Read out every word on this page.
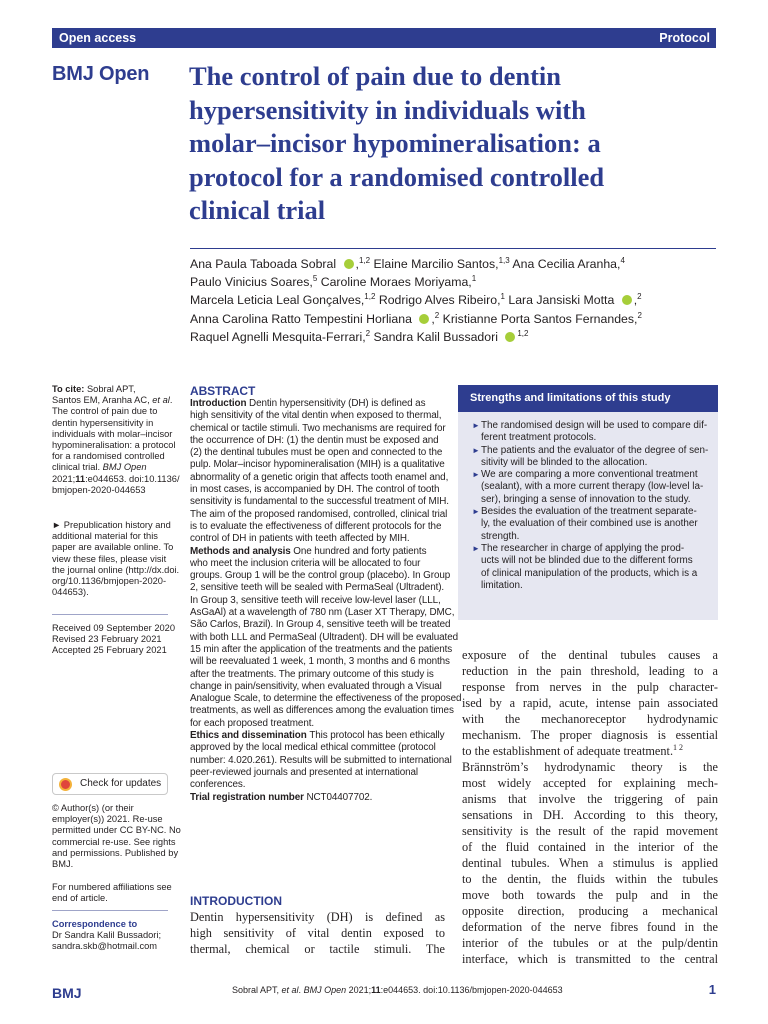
Open access	Protocol
BMJ Open The control of pain due to dentin
hypersensitivity in individuals with
molar–incisor hypomineralisation: a
protocol for a randomised controlled
clinical trial
Ana Paula Taboada Sobral ,$^{1,2}$ Elaine Marcilio Santos,$^{1,3}$ Ana Cecilia Aranha,$^4$
Paulo Vinicius Soares,$^5$ Caroline Moraes Moriyama,$^1$
Marcela Leticia Leal Gonçalves,$^{1,2}$ Rodrigo Alves Ribeiro,$^1$ Lara Jansiski Motta ,$^2$
Anna Carolina Ratto Tempestini Horliana ,$^2$ Kristianne Porta Santos Fernandes,$^2$
Raquel Agnelli Mesquita-Ferrari,$^2$ Sandra Kalil Bussadori $^{1,2}$
To cite: Sobral APT,
Santos EM, Aranha AC, et al.
The control of pain due to
dentin hypersensitivity in
individuals with molar–incisor
hypomineralisation: a protocol
for a randomised controlled
clinical trial. BMJ Open
2021;11:e044653. doi:10.1136/
bmjopen-2020-044653
► Prepublication history and
additional material for this
paper are available online. To
view these files, please visit
the journal online (http://dx.doi.
org/10.1136/bmjopen-2020-
044653).
Received 09 September 2020
Revised 23 February 2021
Accepted 25 February 2021
Check for updates
© Author(s) (or their
employer(s)) 2021. Re-use
permitted under CC BY-NC. No
commercial re-use. See rights
and permissions. Published by
BMJ.
For numbered affiliations see
end of article.
Correspondence to
Dr Sandra Kalil Bussadori;
sandra.skb@hotmail.com
ABSTRACT
Introduction Dentin hypersensitivity (DH) is defined as
high sensitivity of the vital dentin when exposed to thermal,
chemical or tactile stimuli. Two mechanisms are required for
the occurrence of DH: (1) the dentin must be exposed and
(2) the dentinal tubules must be open and connected to the
pulp. Molar–incisor hypomineralisation (MIH) is a qualitative
abnormality of a genetic origin that affects tooth enamel and,
in most cases, is accompanied by DH. The control of tooth
sensitivity is fundamental to the successful treatment of MIH.
The aim of the proposed randomised, controlled, clinical trial
is to evaluate the effectiveness of different protocols for the
control of DH in patients with teeth affected by MIH.
Methods and analysis One hundred and forty patients
who meet the inclusion criteria will be allocated to four
groups. Group 1 will be the control group (placebo). In Group
2, sensitive teeth will be sealed with PermaSeal (Ultradent).
In Group 3, sensitive teeth will receive low-level laser (LLL,
AsGaAl) at a wavelength of 780 nm (Laser XT Therapy, DMC,
São Carlos, Brazil). In Group 4, sensitive teeth will be treated
with both LLL and PermaSeal (Ultradent). DH will be evaluated
15 min after the application of the treatments and the patients
will be reevaluated 1 week, 1 month, 3 months and 6 months
after the treatments. The primary outcome of this study is
change in pain/sensitivity, when evaluated through a Visual
Analogue Scale, to determine the effectiveness of the proposed
treatments, as well as differences among the evaluation times
for each proposed treatment.
Ethics and dissemination This protocol has been ethically
approved by the local medical ethical committee (protocol
number: 4.020.261). Results will be submitted to international
peer-reviewed journals and presented at international
conferences.
Trial registration number NCT04407702.
INTRODUCTION
Dentin hypersensitivity (DH) is defined as
high sensitivity of vital dentin exposed to
thermal, chemical or tactile stimuli. The
Strengths and limitations of this study
► The randomised design will be used to compare dif-
ferent treatment protocols.
► The patients and the evaluator of the degree of sen-
sitivity will be blinded to the allocation.
► We are comparing a more conventional treatment
(sealant), with a more current therapy (low-level la-
ser), bringing a sense of innovation to the study.
► Besides the evaluation of the treatment separate-
ly, the evaluation of their combined use is another
strength.
► The researcher in charge of applying the prod-
ucts will not be blinded due to the different forms
of clinical manipulation of the products, which is a
limitation.
exposure of the dentinal tubules causes a
reduction in the pain threshold, leading to a
response from nerves in the pulp character-
ised by a rapid, acute, intense pain associated
with the mechanoreceptor hydrodynamic
mechanism. The proper diagnosis is essential
to the establishment of adequate treatment.$^{1 2}$
Brännström’s hydrodynamic theory is the
most widely accepted for explaining mech-
anisms that involve the triggering of pain
sensations in DH. According to this theory,
sensitivity is the result of the rapid movement
of the fluid contained in the interior of the
dentinal tubules. When a stimulus is applied
to the dentin, the fluids within the tubules
move both towards the pulp and in the
opposite direction, producing a mechanical
deformation of the nerve fibres found in the
interior of the tubules or at the pulp/dentin
interface, which is transmitted to the central
BMJ	Sobral APT, et al. BMJ Open 2021;11:e044653. doi:10.1136/bmjopen-2020-044653	1
